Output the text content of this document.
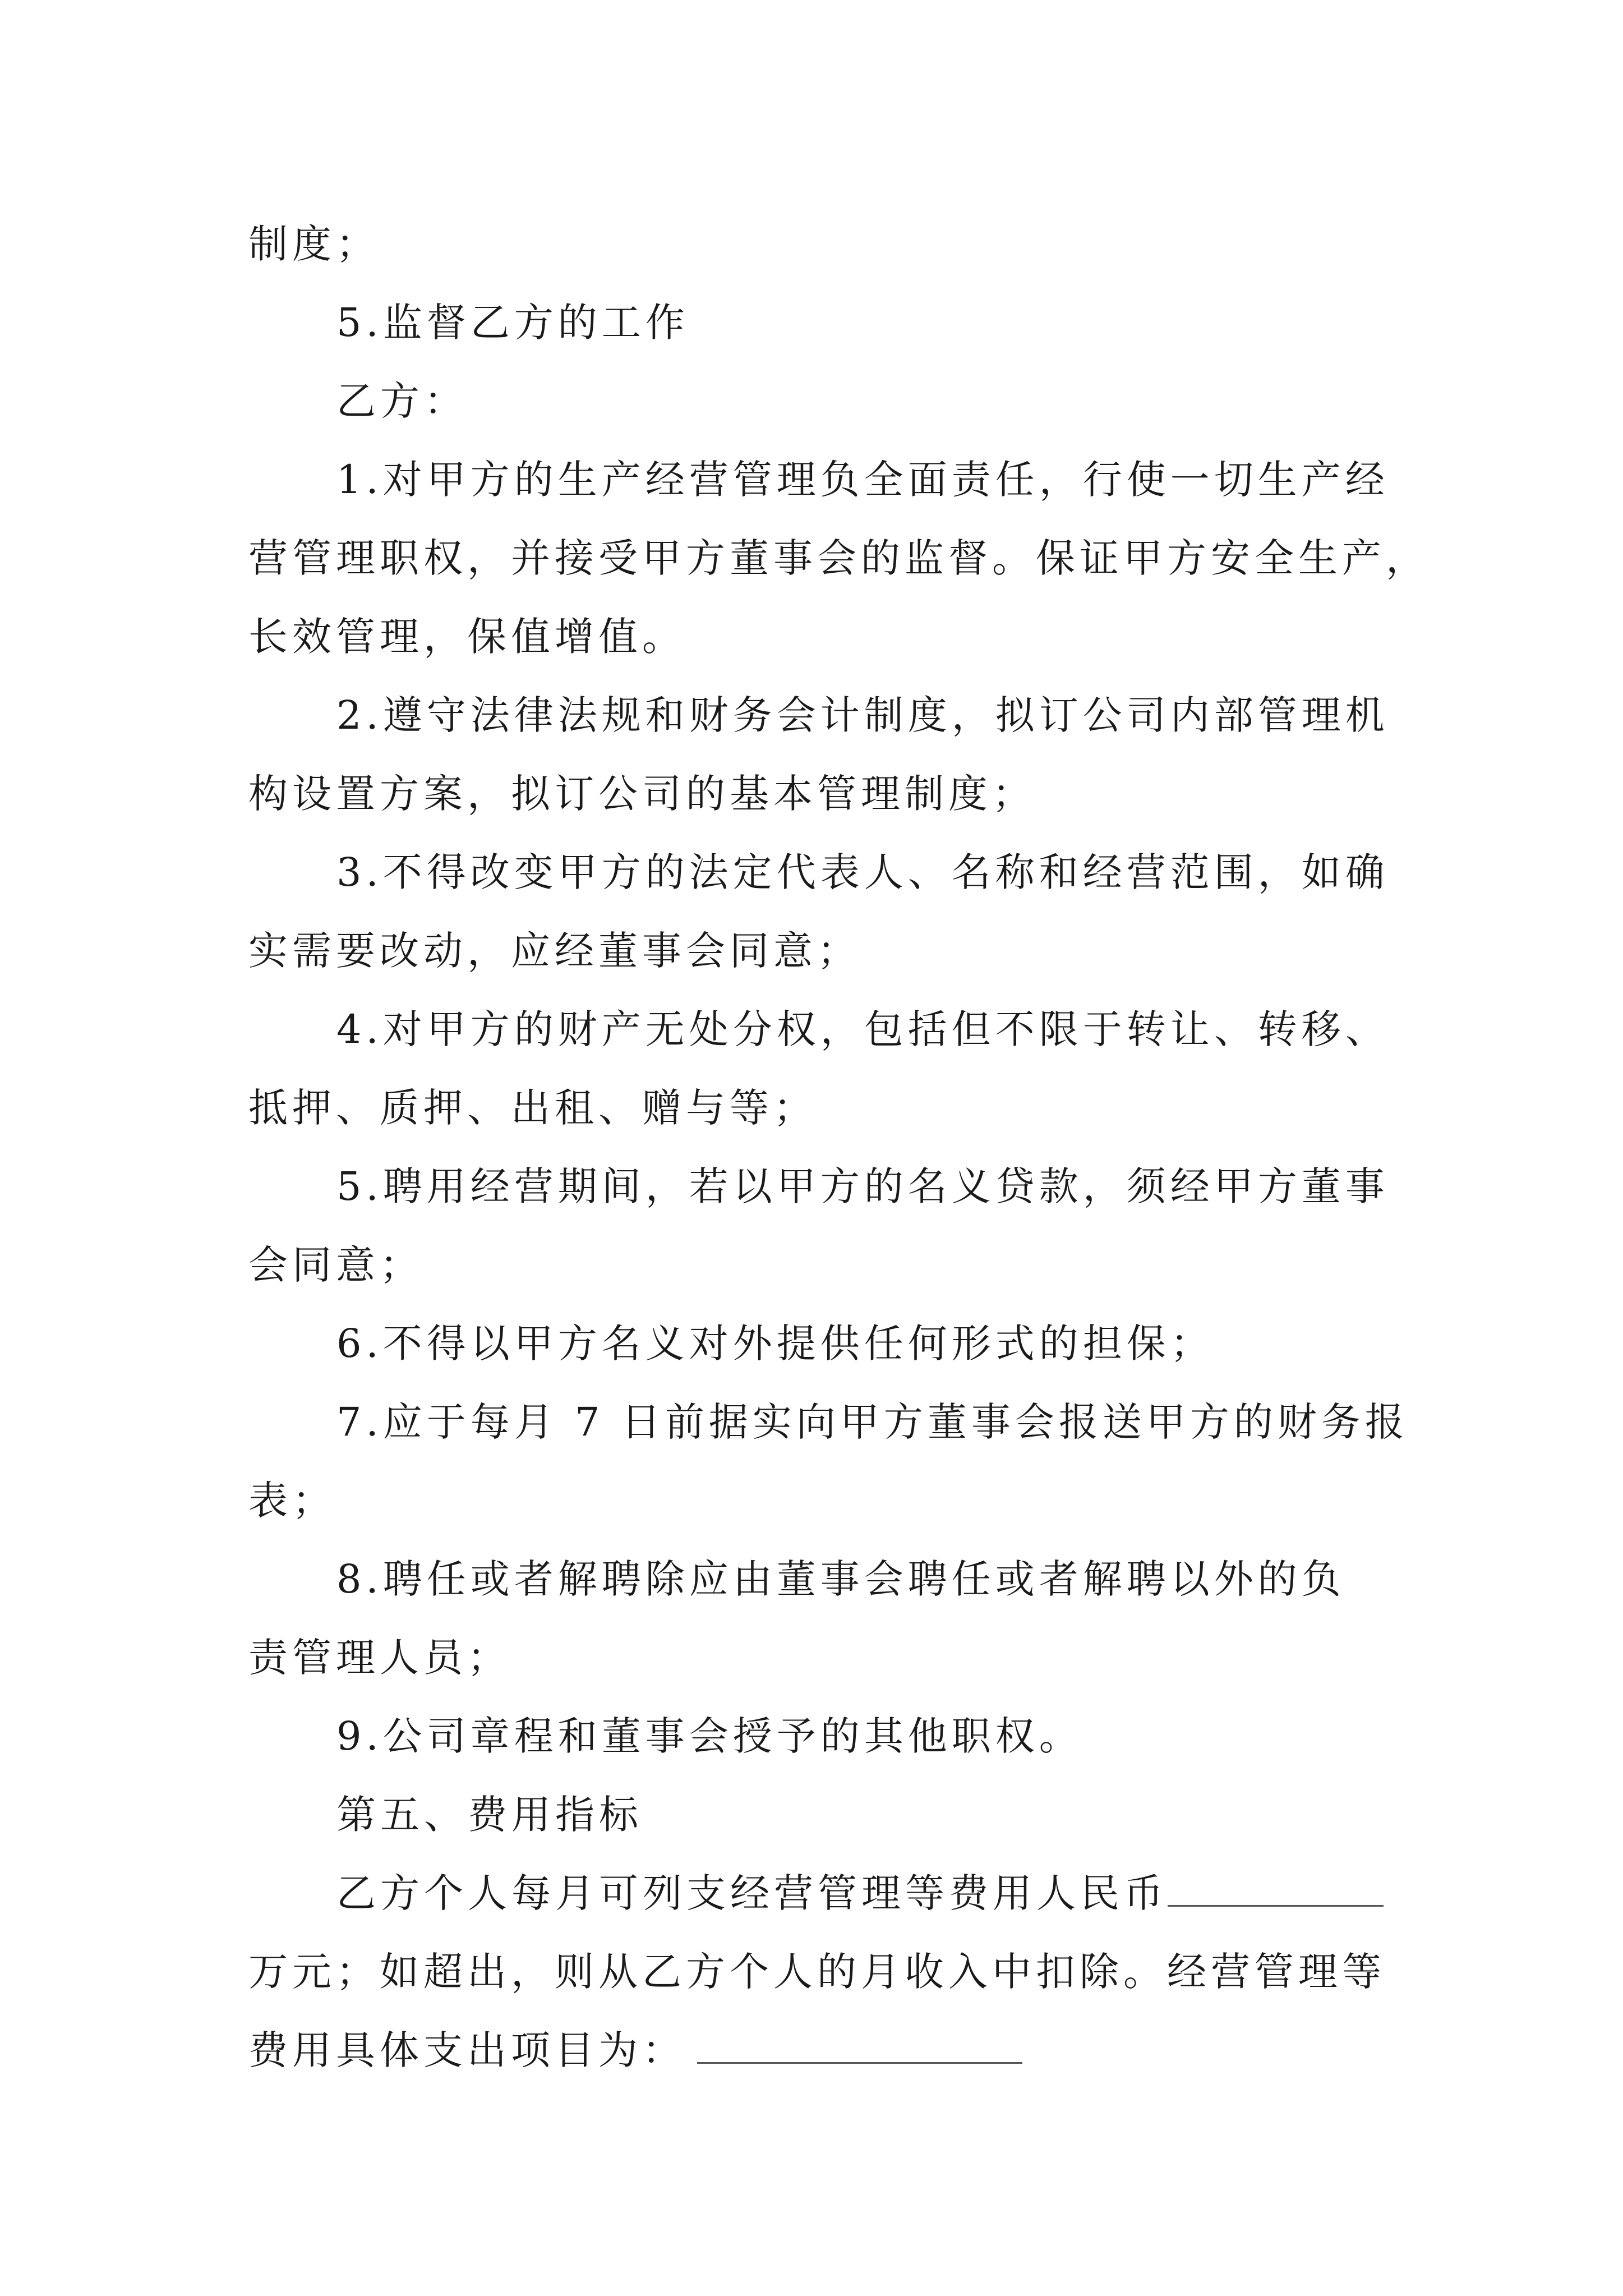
制度；
5.监督乙方的工作
乙方：
1.对甲方的生产经营管理负全面责任，行使一切生产经
营管理职权，并接受甲方董事会的监督。保证甲方安全生产，
长效管理，保值增值。
2.遵守法律法规和财务会计制度，拟订公司内部管理机
构设置方案，拟订公司的基本管理制度；
3.不得改变甲方的法定代表人、名称和经营范围，如确
实需要改动，应经董事会同意；
4.对甲方的财产无处分权，包括但不限于转让、转移、
抵押、质押、出租、赠与等；
5.聘用经营期间，若以甲方的名义贷款，须经甲方董事
会同意；
6.不得以甲方名义对外提供任何形式的担保；
7.应于每月 7 日前据实向甲方董事会报送甲方的财务报
表；
8.聘任或者解聘除应由董事会聘任或者解聘以外的负
责管理人员；
9.公司章程和董事会授予的其他职权。
第五、费用指标
乙方个人每月可列支经营管理等费用人民币
万元；如超出，则从乙方个人的月收入中扣除。经营管理等
费用具体支出项目为：
